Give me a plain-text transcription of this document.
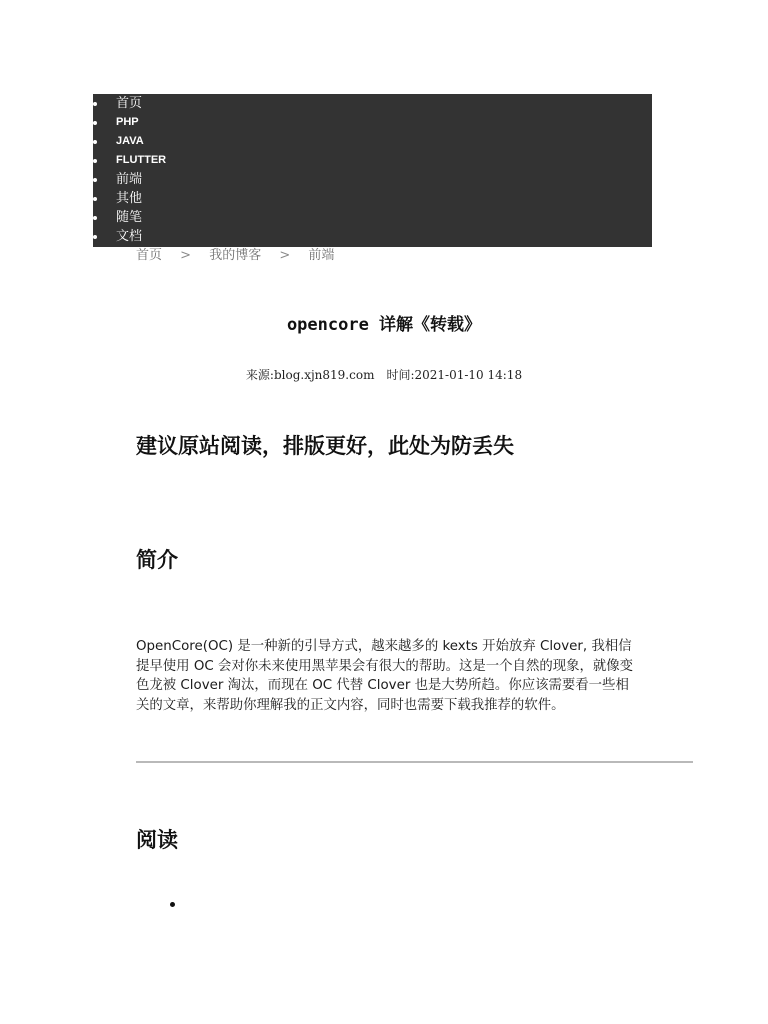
首页
PHP
JAVA
FLUTTER
前端
其他
随笔
文档
首页 > 我的博客 > 前端
opencore 详解《转载》
来源:blog.xjn819.com 时间:2021-01-10 14:18
建议原站阅读，排版更好，此处为防丢失
简介

OpenCore(OC) 是一种新的引导方式，越来越多的 kexts 开始放弃 Clover, 我相信提早使用 OC 会对你未来使用黑苹果会有很大的帮助。这是一个自然的现象，就像变色龙被 Clover 淘汰，而现在 OC 代替 Clover 也是大势所趋。你应该需要看一些相关的文章，来帮助你理解我的正文内容，同时也需要下载我推荐的软件。

阅读
